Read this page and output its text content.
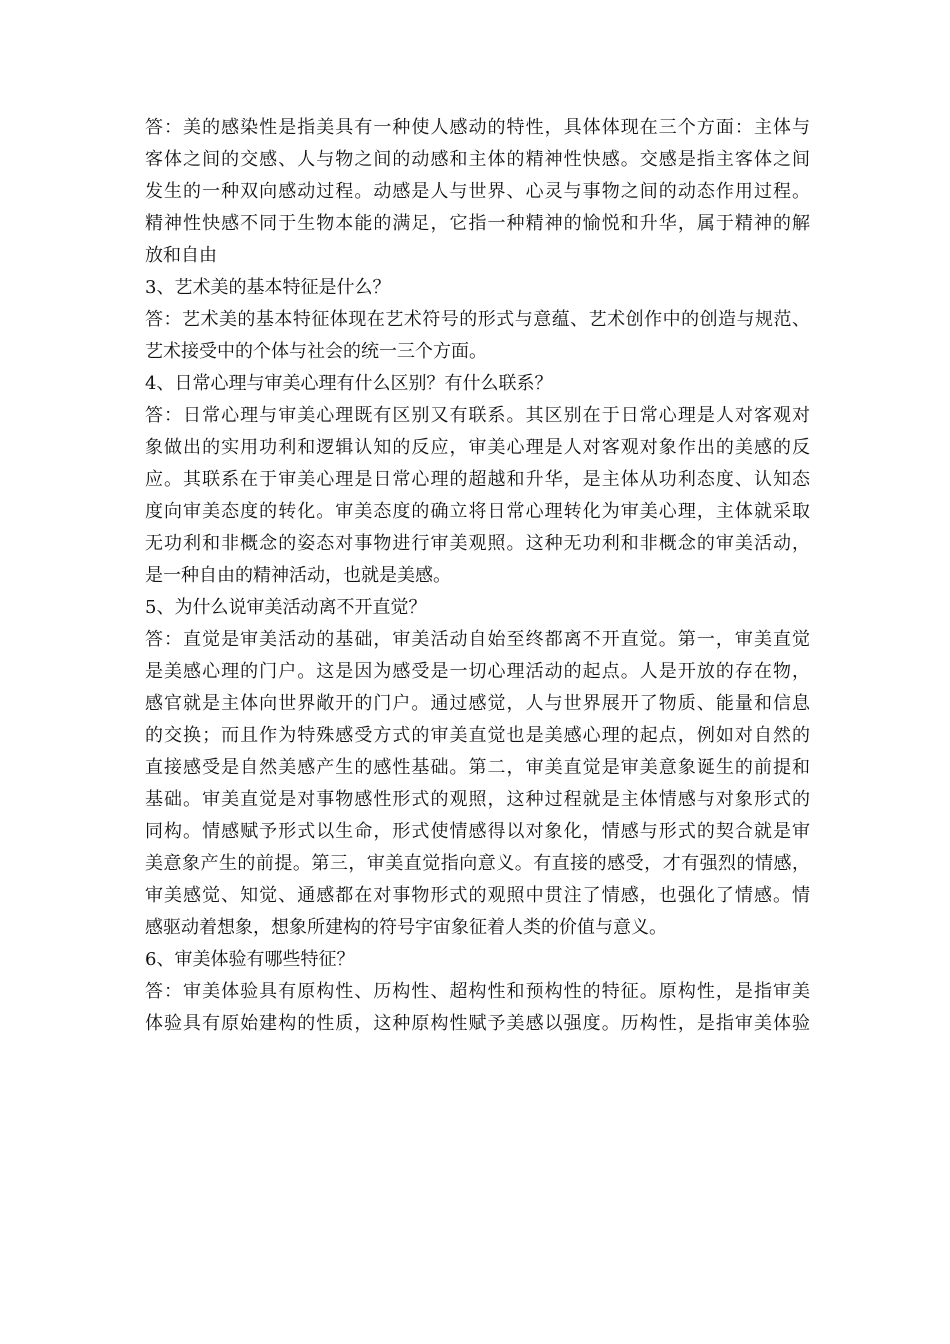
答：美的感染性是指美具有一种使人感动的特性，具体体现在三个方面：主体与
客体之间的交感、人与物之间的动感和主体的精神性快感。交感是指主客体之间
发生的一种双向感动过程。动感是人与世界、心灵与事物之间的动态作用过程。
精神性快感不同于生物本能的满足，它指一种精神的愉悦和升华，属于精神的解
放和自由
3、艺术美的基本特征是什么？
答：艺术美的基本特征体现在艺术符号的形式与意蕴、艺术创作中的创造与规范、
艺术接受中的个体与社会的统一三个方面。
4、日常心理与审美心理有什么区别？有什么联系？
答：日常心理与审美心理既有区别又有联系。其区别在于日常心理是人对客观对
象做出的实用功利和逻辑认知的反应，审美心理是人对客观对象作出的美感的反
应。其联系在于审美心理是日常心理的超越和升华，是主体从功利态度、认知态
度向审美态度的转化。审美态度的确立将日常心理转化为审美心理，主体就采取
无功利和非概念的姿态对事物进行审美观照。这种无功利和非概念的审美活动，
是一种自由的精神活动，也就是美感。
5、为什么说审美活动离不开直觉？
答：直觉是审美活动的基础，审美活动自始至终都离不开直觉。第一，审美直觉
是美感心理的门户。这是因为感受是一切心理活动的起点。人是开放的存在物，
感官就是主体向世界敞开的门户。通过感觉，人与世界展开了物质、能量和信息
的交换；而且作为特殊感受方式的审美直觉也是美感心理的起点，例如对自然的
直接感受是自然美感产生的感性基础。第二，审美直觉是审美意象诞生的前提和
基础。审美直觉是对事物感性形式的观照，这种过程就是主体情感与对象形式的
同构。情感赋予形式以生命，形式使情感得以对象化，情感与形式的契合就是审
美意象产生的前提。第三，审美直觉指向意义。有直接的感受，才有强烈的情感，
审美感觉、知觉、通感都在对事物形式的观照中贯注了情感，也强化了情感。情
感驱动着想象，想象所建构的符号宇宙象征着人类的价值与意义。
6、审美体验有哪些特征？
答：审美体验具有原构性、历构性、超构性和预构性的特征。原构性，是指审美
体验具有原始建构的性质，这种原构性赋予美感以强度。历构性，是指审美体验
